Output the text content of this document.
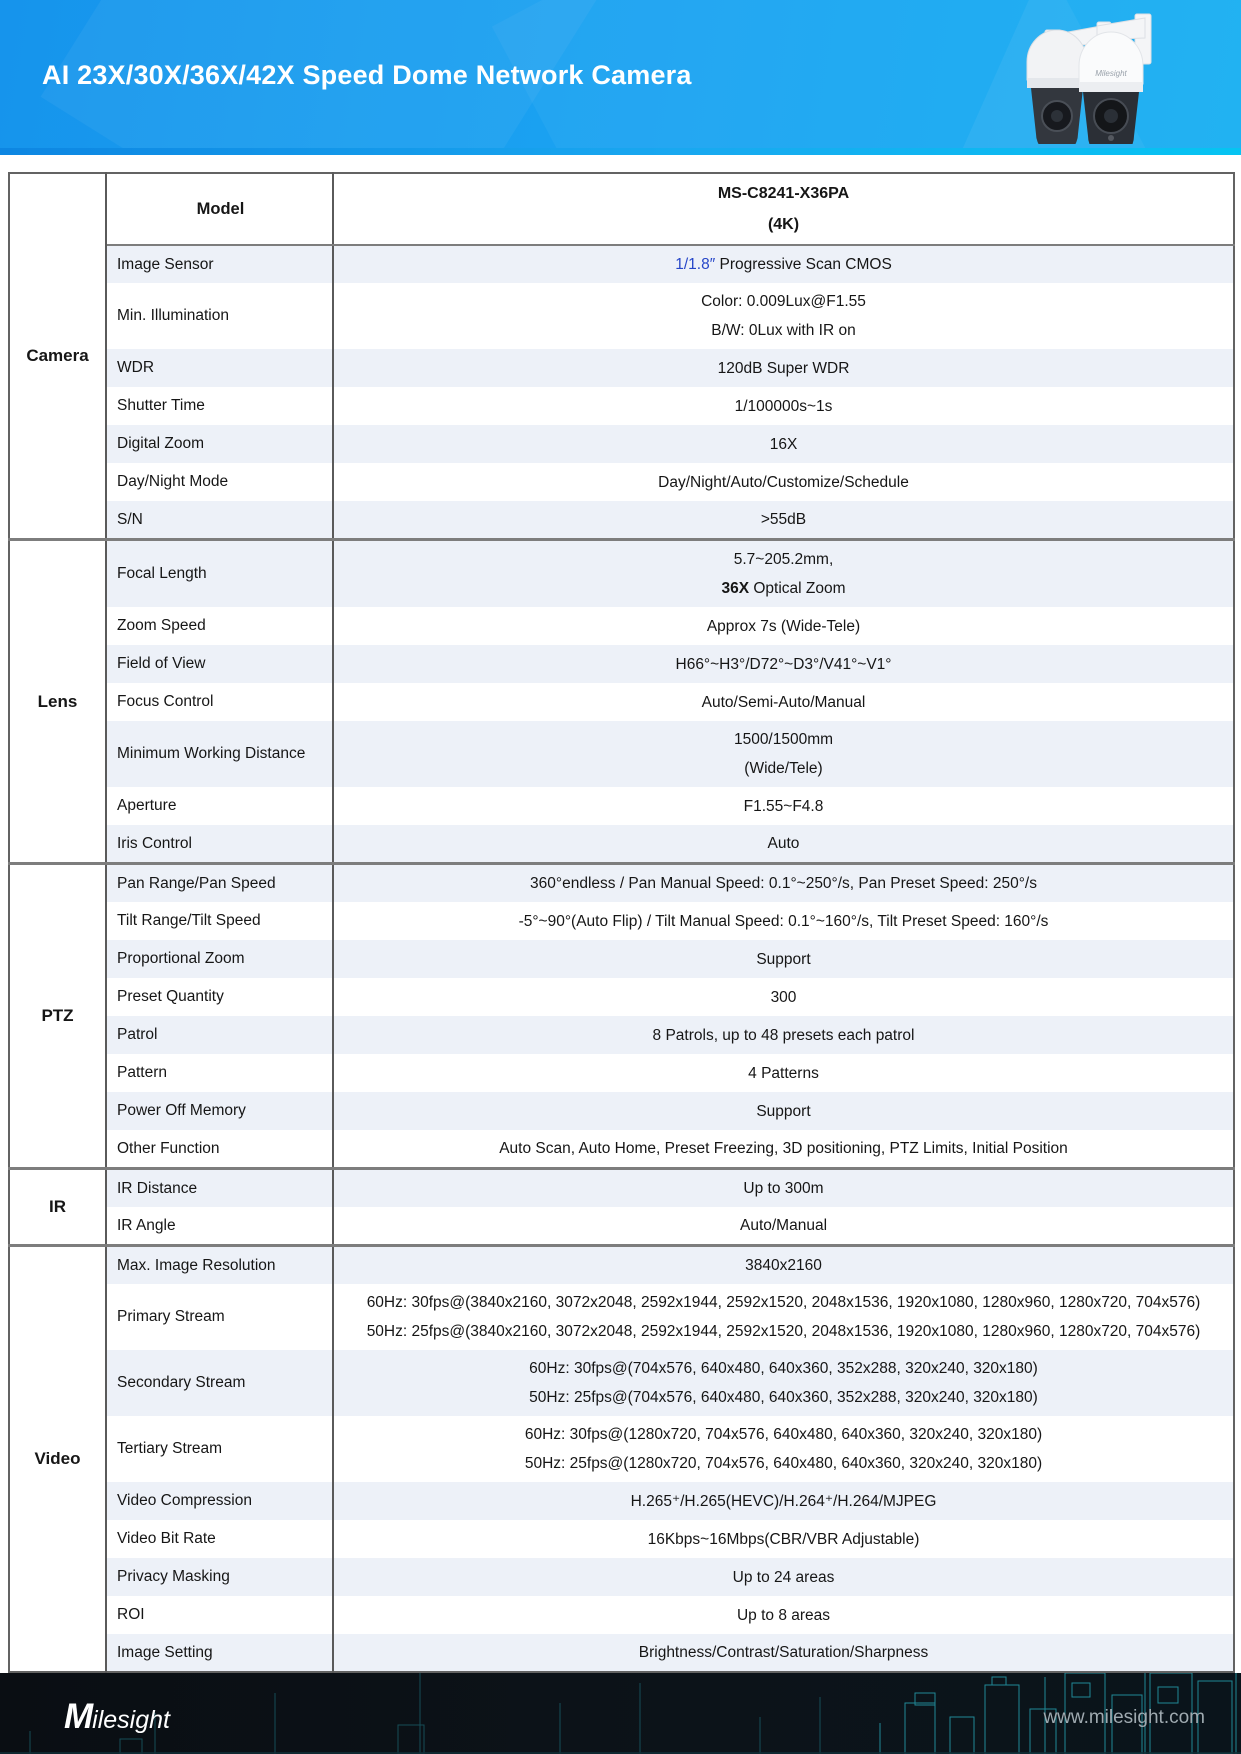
AI 23X/30X/36X/42X Speed Dome Network Camera	Milesight
Camera	Model	MS-C8241-X36PA
(4K)

	Image Sensor	1/1.8″ Progressive Scan CMOS

	Min. Illumination	Color: 0.009Lux@F1.55
B/W: 0Lux with IR on

	WDR	120dB Super WDR

	Shutter Time	1/100000s~1s

	Digital Zoom	16X

	Day/Night Mode	Day/Night/Auto/Customize/Schedule

	S/N	>55dB

Lens	Focal Length	5.7~205.2mm,
36X Optical Zoom

	Zoom Speed	Approx 7s (Wide-Tele)

	Field of View	H66°~H3°/D72°~D3°/V41°~V1°

	Focus Control	Auto/Semi-Auto/Manual

	Minimum Working Distance	1500/1500mm
(Wide/Tele)

	Aperture	F1.55~F4.8

	Iris Control	Auto

PTZ	Pan Range/Pan Speed	360°endless / Pan Manual Speed: 0.1°~250°/s, Pan Preset Speed: 250°/s

	Tilt Range/Tilt Speed	-5°~90°(Auto Flip) / Tilt Manual Speed: 0.1°~160°/s, Tilt Preset Speed: 160°/s

	Proportional Zoom	Support

	Preset Quantity	300

	Patrol	8 Patrols, up to 48 presets each patrol

	Pattern	4 Patterns

	Power Off Memory	Support

	Other Function	Auto Scan, Auto Home, Preset Freezing, 3D positioning, PTZ Limits, Initial Position

IR	IR Distance	Up to 300m

	IR Angle	Auto/Manual

Video	Max. Image Resolution	3840x2160

	Primary Stream	60Hz: 30fps@(3840x2160, 3072x2048, 2592x1944, 2592x1520, 2048x1536, 1920x1080, 1280x960, 1280x720, 704x576)
50Hz: 25fps@(3840x2160, 3072x2048, 2592x1944, 2592x1520, 2048x1536, 1920x1080, 1280x960, 1280x720, 704x576)

	Secondary Stream	60Hz: 30fps@(704x576, 640x480, 640x360, 352x288, 320x240, 320x180)
50Hz: 25fps@(704x576, 640x480, 640x360, 352x288, 320x240, 320x180)

	Tertiary Stream	60Hz: 30fps@(1280x720, 704x576, 640x480, 640x360, 320x240, 320x180)
50Hz: 25fps@(1280x720, 704x576, 640x480, 640x360, 320x240, 320x180)

	Video Compression	H.265⁺/H.265(HEVC)/H.264⁺/H.264/MJPEG

	Video Bit Rate	16Kbps~16Mbps(CBR/VBR Adjustable)

	Privacy Masking	Up to 24 areas

	ROI	Up to 8 areas

	Image Setting	Brightness/Contrast/Saturation/Sharpness
Milesight	www.milesight.com
